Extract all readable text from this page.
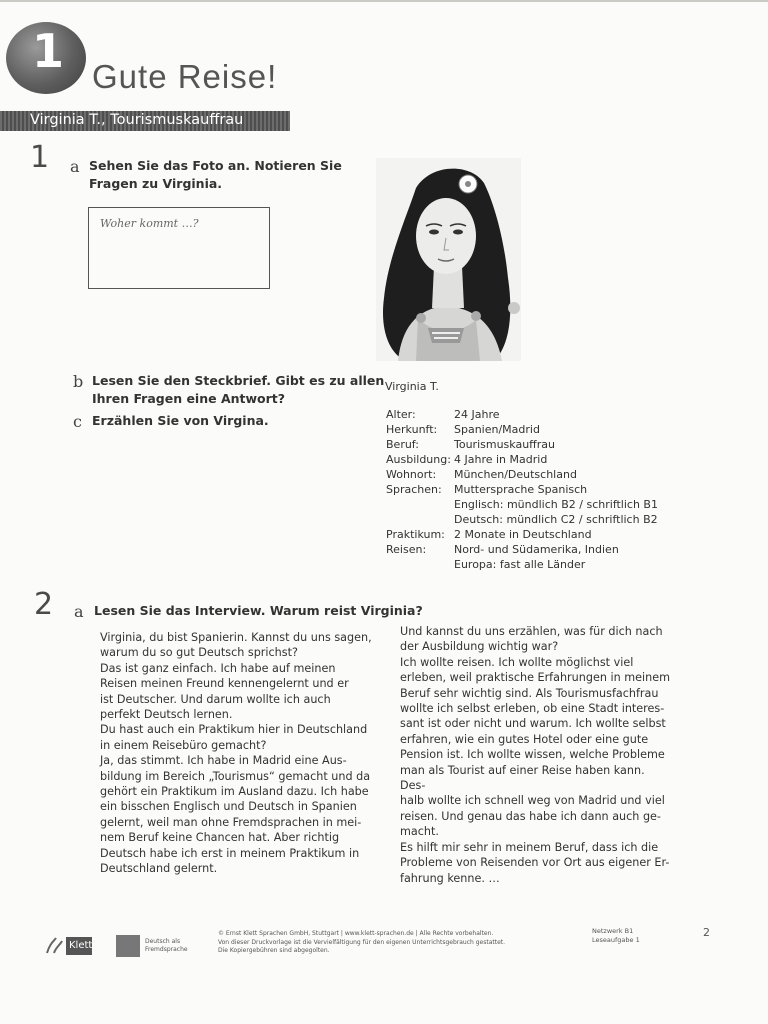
1 Gute Reise!
Virginia T., Tourismuskauffrau
1 a Sehen Sie das Foto an. Notieren Sie
Fragen zu Virginia.
Woher kommt …?
b Lesen Sie den Steckbrief. Gibt es zu allen
Ihren Fragen eine Antwort?
c Erzählen Sie von Virgina.
Virginia T.
Alter:	24 Jahre
Herkunft: Spanien/Madrid
Beruf:	Tourismuskauffrau
Ausbildung: 4 Jahre in Madrid
Wohnort: München/Deutschland
Sprachen: Muttersprache Spanisch
Englisch: mündlich B2 / schriftlich B1
Deutsch: mündlich C2 / schriftlich B2
Praktikum: 2 Monate in Deutschland
Reisen:	Nord- und Südamerika, Indien
Europa: fast alle Länder
2 a Lesen Sie das Interview. Warum reist Virginia?

Virginia, du bist Spanierin. Kannst du uns sagen,

warum du so gut Deutsch sprichst?

Das ist ganz einfach. Ich habe auf meinen

Reisen meinen Freund kennengelernt und er

ist Deutscher. Und darum wollte ich auch

perfekt Deutsch lernen.

Du hast auch ein Praktikum hier in Deutschland

in einem Reisebüro gemacht?

Ja, das stimmt. Ich habe in Madrid eine Aus-

bildung im Bereich „Tourismus“ gemacht und da

gehört ein Praktikum im Ausland dazu. Ich habe

ein bisschen Englisch und Deutsch in Spanien

gelernt, weil man ohne Fremdsprachen in mei-

nem Beruf keine Chancen hat. Aber richtig

Deutsch habe ich erst in meinem Praktikum in

Deutschland gelernt.

Und kannst du uns erzählen, was für dich nach

der Ausbildung wichtig war?

Ich wollte reisen. Ich wollte möglichst viel

erleben, weil praktische Erfahrungen in meinem

Beruf sehr wichtig sind. Als Tourismusfachfrau

wollte ich selbst erleben, ob eine Stadt interes-

sant ist oder nicht und warum. Ich wollte selbst

erfahren, wie ein gutes Hotel oder eine gute

Pension ist. Ich wollte wissen, welche Probleme

man als Tourist auf einer Reise haben kann. Des-

halb wollte ich schnell weg von Madrid und viel

reisen. Und genau das habe ich dann auch ge-

macht.

Es hilft mir sehr in meinem Beruf, dass ich die

Probleme von Reisenden vor Ort aus eigener Er-

fahrung kenne. …

Klett	Deutsch als
Fremdsprache
© Ernst Klett Sprachen GmbH, Stuttgart | www.klett-sprachen.de | Alle Rechte vorbehalten.
Von dieser Druckvorlage ist die Vervielfältigung für den eigenen Unterrichtsgebrauch gestattet.
Die Kopiergebühren sind abgegolten.
Netzwerk B1
Leseaufgabe 1
2
